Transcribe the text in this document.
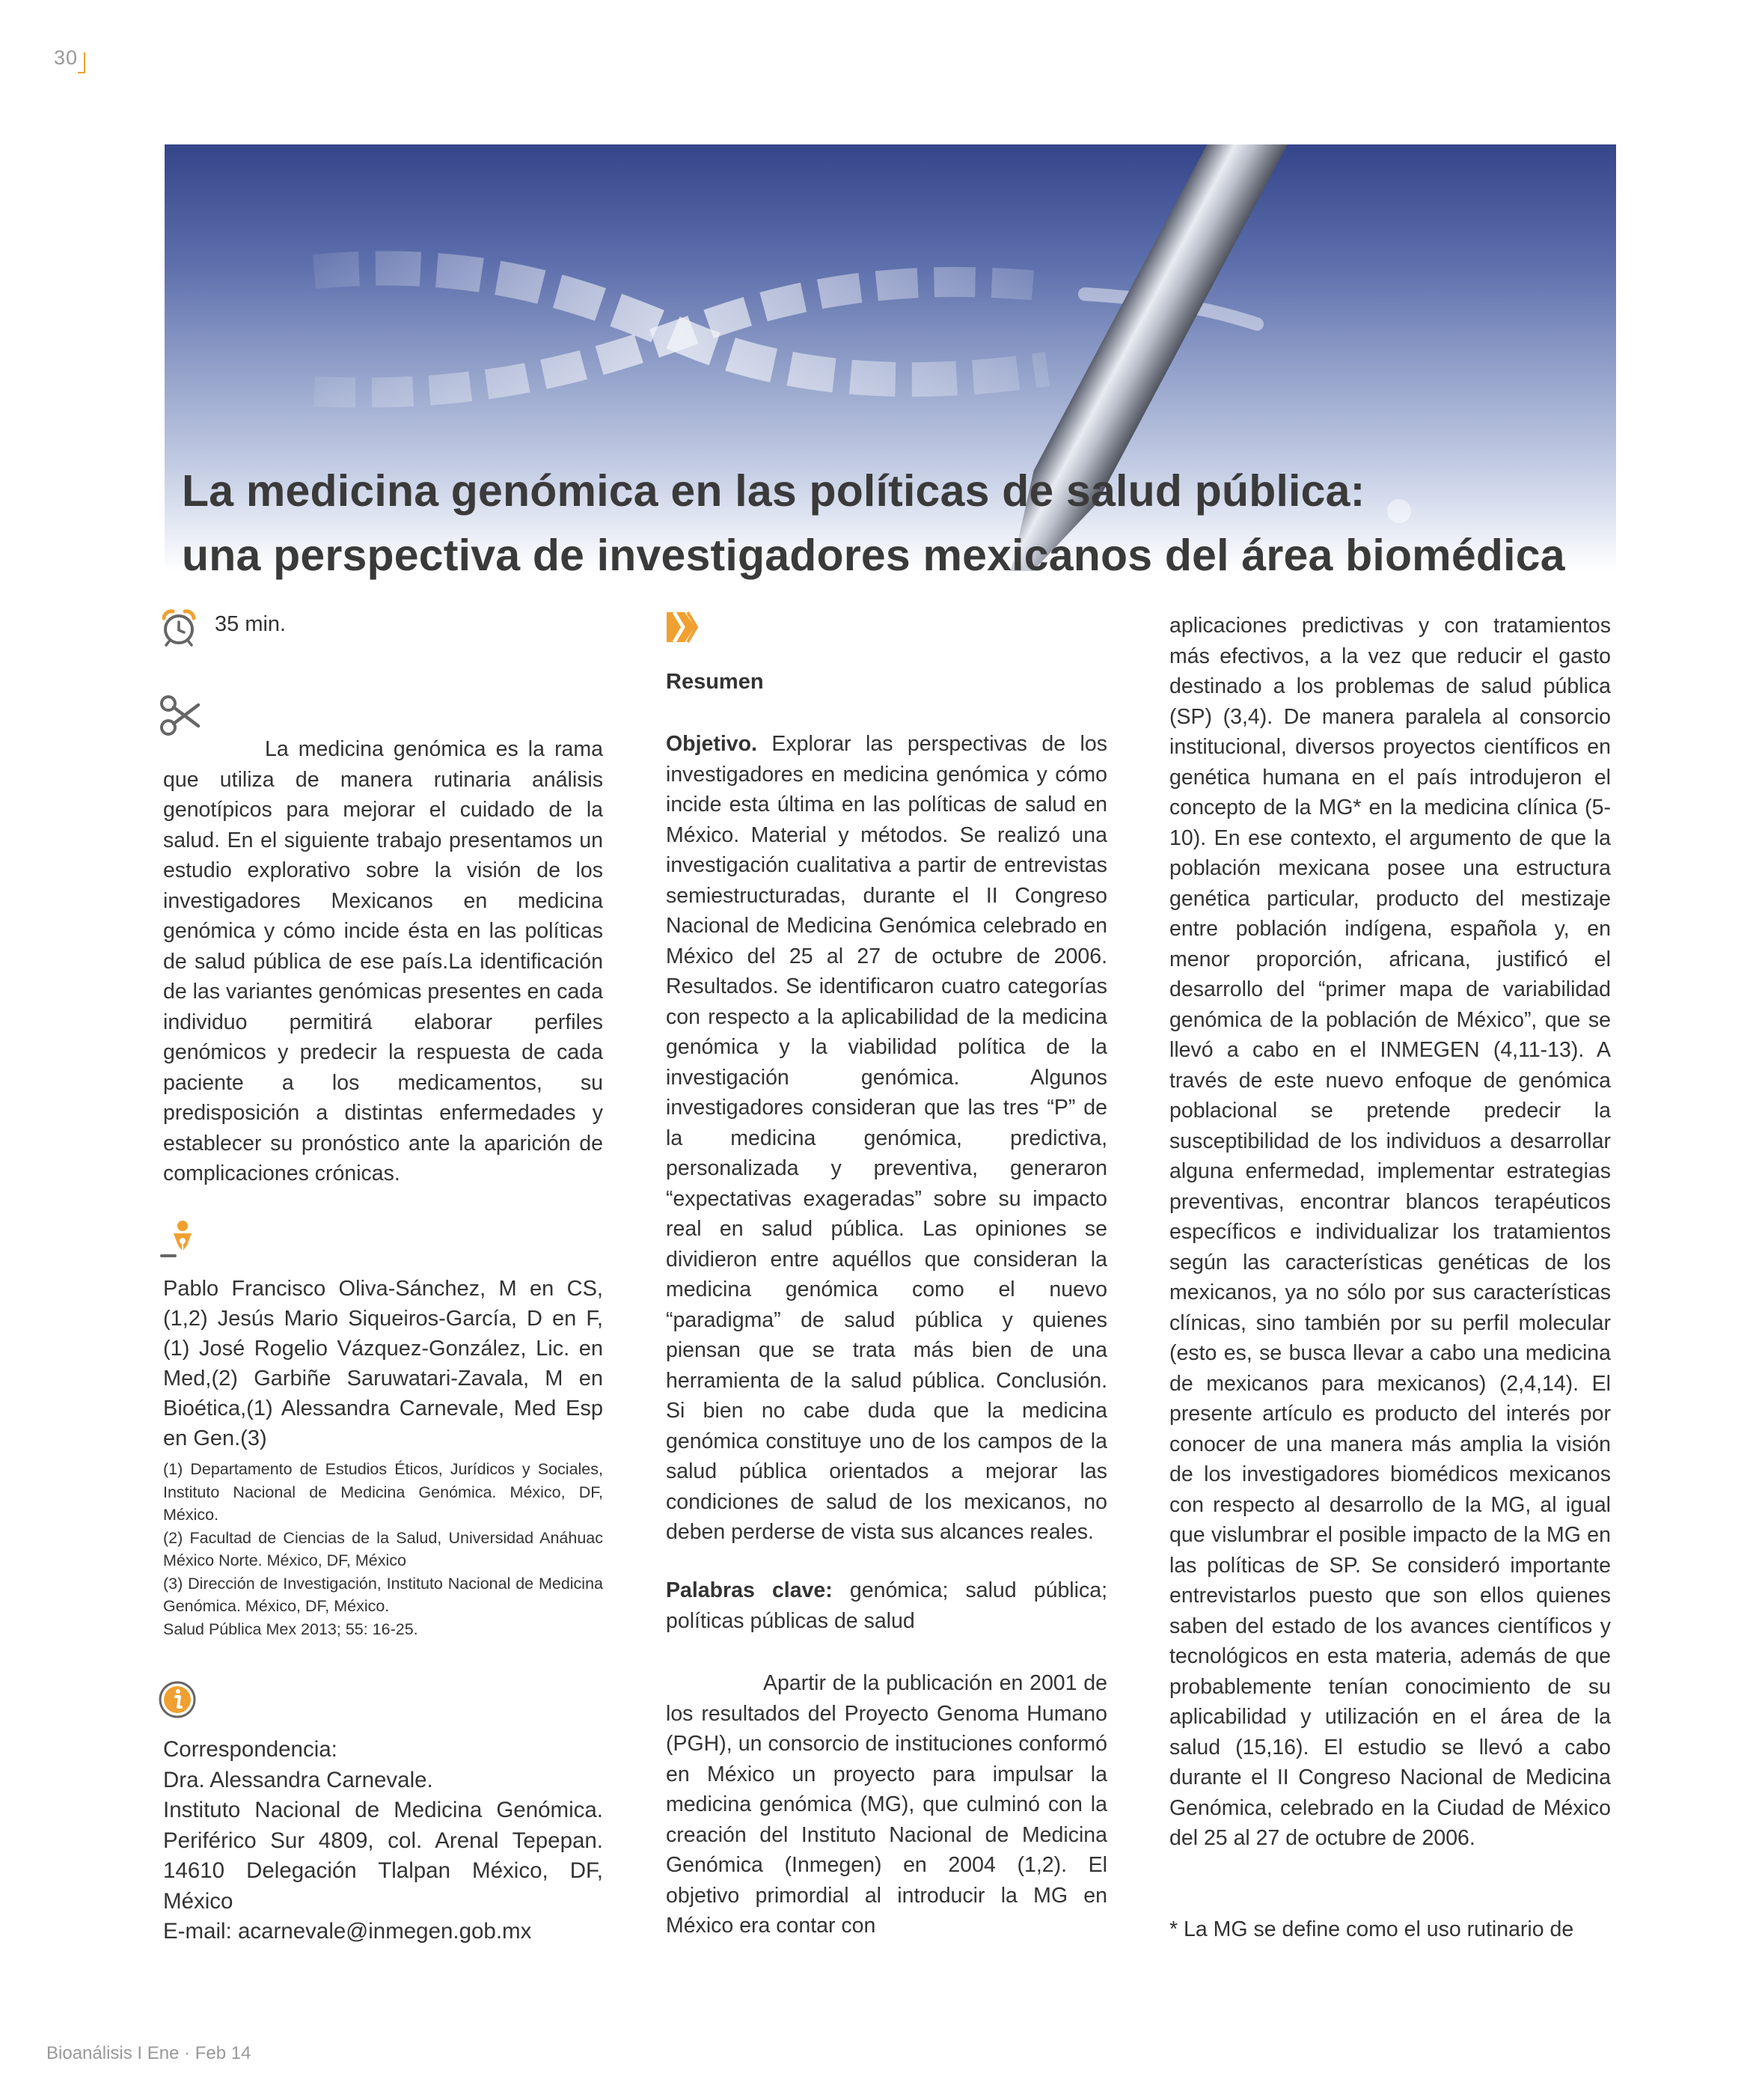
30
La medicina genómica en las políticas de salud pública:
una perspectiva de investigadores mexicanos del área biomédica
35 min.

La medicina genómica es la rama que utiliza de manera rutinaria análisis genotípicos para mejorar el cuidado de la salud. En el siguiente trabajo presentamos un estudio explorativo sobre la visión de los investigadores Mexicanos en medicina genómica y cómo incide ésta en las políticas de salud pública de ese país.La identificación de las variantes genómicas presentes en cada individuo permitirá elaborar perfiles genómicos y predecir la respuesta de cada paciente a los medicamentos, su predisposición a distintas enfermedades y establecer su pronóstico ante la aparición de complicaciones crónicas.

Pablo Francisco Oliva-Sánchez, M en CS,(1,2) Jesús Mario Siqueiros-García, D en F,(1) José Rogelio Vázquez-González, Lic. en Med,(2) Garbiñe Saruwatari-Zavala, M en Bioética,(1) Alessandra Carnevale, Med Esp en Gen.(3)

(1) Departamento de Estudios Éticos, Jurídicos y Sociales, Instituto Nacional de Medicina Genómica. México, DF, México.
(2) Facultad de Ciencias de la Salud, Universidad Anáhuac México Norte. México, DF, México
(3) Dirección de Investigación, Instituto Nacional de Medicina Genómica. México, DF, México.
Salud Pública Mex 2013; 55: 16-25.
Correspondencia:
Dra. Alessandra Carnevale.
Instituto Nacional de Medicina Genómica. Periférico Sur 4809, col. Arenal Tepepan. 14610 Delegación Tlalpan México, DF, México
E-mail: acarnevale@inmegen.gob.mx
Resumen

Objetivo. Explorar las perspectivas de los investigadores en medicina genómica y cómo incide esta última en las políticas de salud en México. Material y métodos. Se realizó una investigación cualitativa a partir de entrevistas semiestructuradas, durante el II Congreso Nacional de Medicina Genómica celebrado en México del 25 al 27 de octubre de 2006. Resultados. Se identificaron cuatro categorías con respecto a la aplicabilidad de la medicina genómica y la viabilidad política de la investigación genómica. Algunos investigadores consideran que las tres “P” de la medicina genómica, predictiva, personalizada y preventiva, generaron “expectativas exageradas” sobre su impacto real en salud pública. Las opiniones se dividieron entre aquéllos que consideran la medicina genómica como el nuevo “paradigma” de salud pública y quienes piensan que se trata más bien de una herramienta de la salud pública. Conclusión. Si bien no cabe duda que la medicina genómica constituye uno de los campos de la salud pública orientados a mejorar las condiciones de salud de los mexicanos, no deben perderse de vista sus alcances reales.

Palabras clave: genómica; salud pública; políticas públicas de salud

Apartir de la publicación en 2001 de los resultados del Proyecto Genoma Humano (PGH), un consorcio de instituciones conformó en México un proyecto para impulsar la medicina genómica (MG), que culminó con la creación del Instituto Nacional de Medicina Genómica (Inmegen) en 2004 (1,2). El objetivo primordial al introducir la MG en México era contar con

aplicaciones predictivas y con tratamientos más efectivos, a la vez que reducir el gasto destinado a los problemas de salud pública (SP) (3,4). De manera paralela al consorcio institucional, diversos proyectos científicos en genética humana en el país introdujeron el concepto de la MG* en la medicina clínica (5-10). En ese contexto, el argumento de que la población mexicana posee una estructura genética particular, producto del mestizaje entre población indígena, española y, en menor proporción, africana, justificó el desarrollo del “primer mapa de variabilidad genómica de la población de México”, que se llevó a cabo en el INMEGEN (4,11-13). A través de este nuevo enfoque de genómica poblacional se pretende predecir la susceptibilidad de los individuos a desarrollar alguna enfermedad, implementar estrategias preventivas, encontrar blancos terapéuticos específicos e individualizar los tratamientos según las características genéticas de los mexicanos, ya no sólo por sus características clínicas, sino también por su perfil molecular (esto es, se busca llevar a cabo una medicina de mexicanos para mexicanos) (2,4,14). El presente artículo es producto del interés por conocer de una manera más amplia la visión de los investigadores biomédicos mexicanos con respecto al desarrollo de la MG, al igual que vislumbrar el posible impacto de la MG en las políticas de SP. Se consideró importante entrevistarlos puesto que son ellos quienes saben del estado de los avances científicos y tecnológicos en esta materia, además de que probablemente tenían conocimiento de su aplicabilidad y utilización en el área de la salud (15,16). El estudio se llevó a cabo durante el II Congreso Nacional de Medicina Genómica, celebrado en la Ciudad de México del 25 al 27 de octubre de 2006.

* La MG se define como el uso rutinario de

Bioanálisis I Ene · Feb 14
